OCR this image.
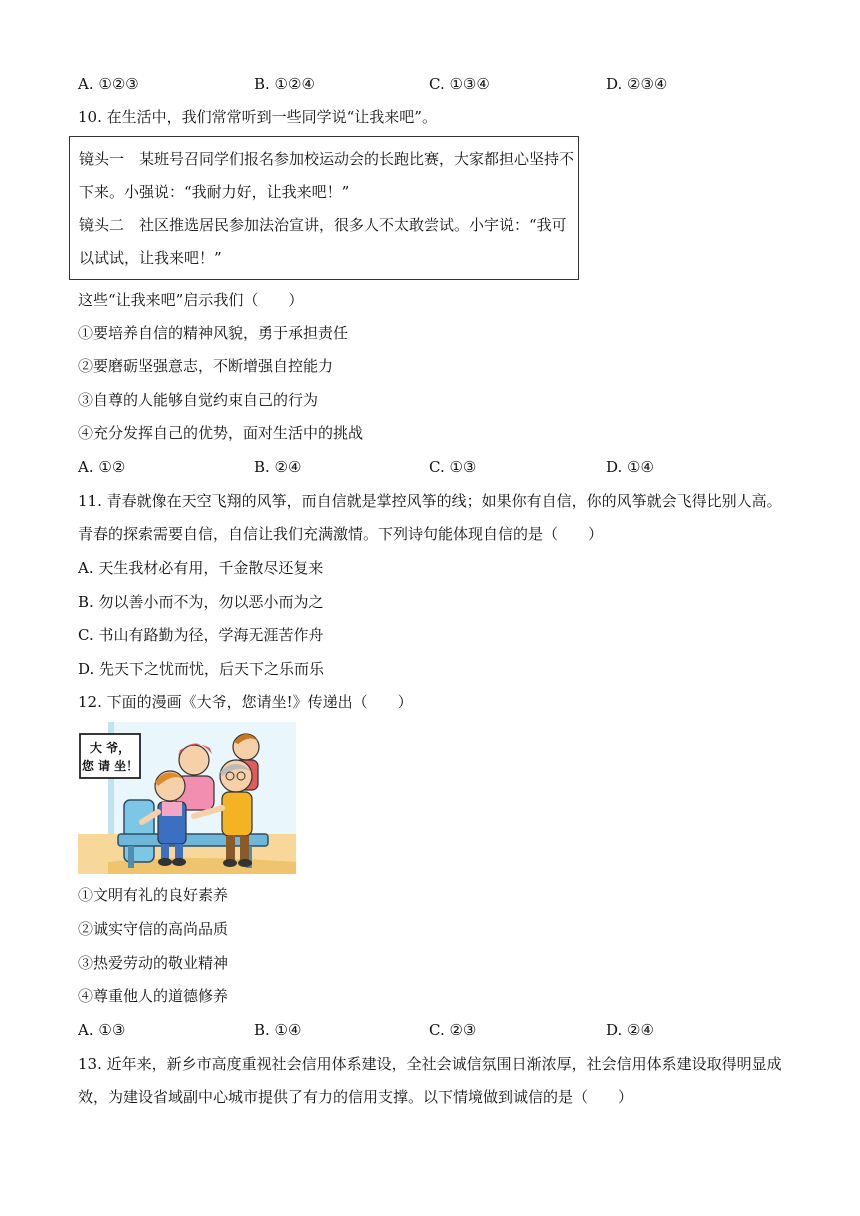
A. ①②③	B. ①②④	C. ①③④	D. ②③④
10. 在生活中，我们常常听到一些同学说“让我来吧”。
镜头一　某班号召同学们报名参加校运动会的长跑比赛，大家都担心坚持不
下来。小强说：“我耐力好，让我来吧！”
镜头二　社区推选居民参加法治宣讲，很多人不太敢尝试。小宇说：“我可
以试试，让我来吧！”
这些“让我来吧”启示我们（　　）
①要培养自信的精神风貌，勇于承担责任
②要磨砺坚强意志，不断增强自控能力
③自尊的人能够自觉约束自己的行为
④充分发挥自己的优势，面对生活中的挑战
A. ①②	B. ②④	C. ①③	D. ①④
11. 青春就像在天空飞翔的风筝，而自信就是掌控风筝的线；如果你有自信，你的风筝就会飞得比别人高。
青春的探索需要自信，自信让我们充满激情。下列诗句能体现自信的是（　　）
A. 天生我材必有用，千金散尽还复来
B. 勿以善小而不为，勿以恶小而为之
C. 书山有路勤为径，学海无涯苦作舟
D. 先天下之忧而忧，后天下之乐而乐
12. 下面的漫画《大爷，您请坐!》传递出（　　）
大 爷，
您 请 坐！
①文明有礼的良好素养
②诚实守信的高尚品质
③热爱劳动的敬业精神
④尊重他人的道德修养
A. ①③	B. ①④	C. ②③	D. ②④
13. 近年来，新乡市高度重视社会信用体系建设，全社会诚信氛围日渐浓厚，社会信用体系建设取得明显成
效，为建设省域副中心城市提供了有力的信用支撑。以下情境做到诚信的是（　　）
